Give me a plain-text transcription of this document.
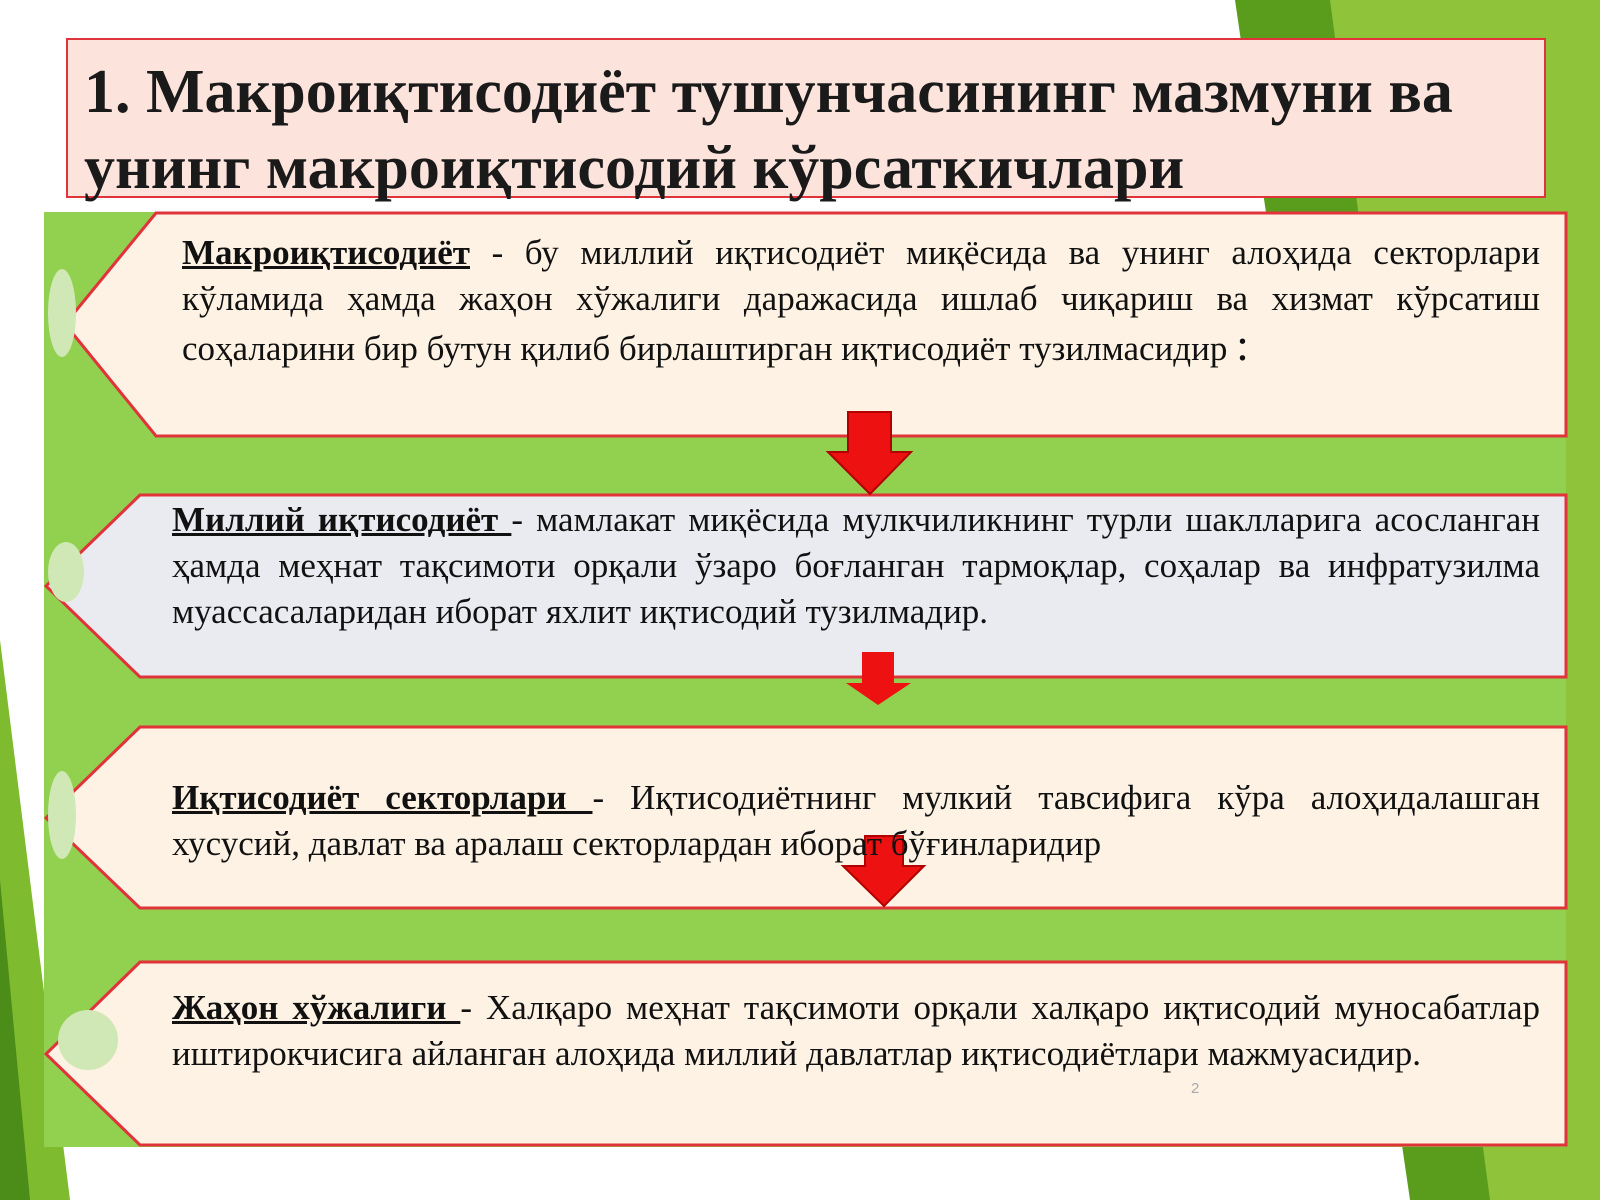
1. Макроиқтисодиёт тушунчасининг мазмуни ва
унинг макроиқтисодий кўрсаткичлари
Макроиқтисодиёт - бу миллий иқтисодиёт миқёсида ва унинг алоҳида секторлари кўламида ҳамда жаҳон хўжалиги даражасида ишлаб чиқариш ва хизмат кўрсатиш соҳаларини бир бутун қилиб бирлаштирган иқтисодиёт тузилмасидир :
Миллий иқтисодиёт - мамлакат миқёсида мулкчиликнинг турли шаклларига асосланган ҳамда меҳнат тақсимоти орқали ўзаро боғланган тармоқлар, соҳалар ва инфратузилма муассасаларидан иборат яхлит иқтисодий тузилмадир.
Иқтисодиёт секторлари - Иқтисодиётнинг мулкий тавсифига кўра алоҳидалашган хусусий, давлат ва аралаш секторлардан иборат бўғинларидир
Жаҳон хўжалиги - Халқаро меҳнат тақсимоти орқали халқаро иқтисодий муносабатлар иштирокчисига айланган алоҳида миллий давлатлар иқтисодиётлари мажмуасидир.
2
